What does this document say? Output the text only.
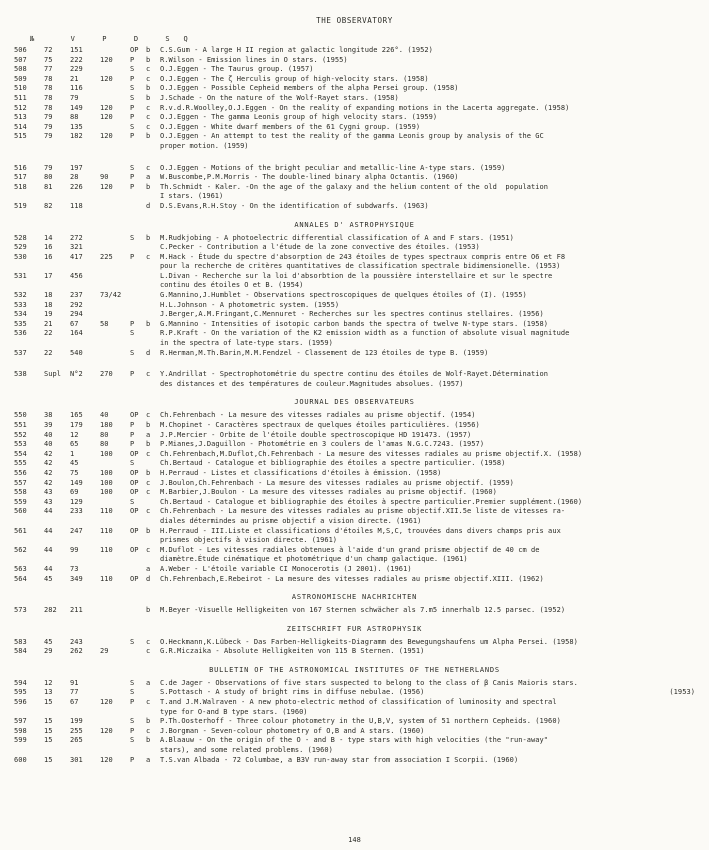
THE OBSERVATORY
№        V      P      D      S   Q
506 72 151	OP b C.S.Gum - A large H II region at galactic longitude 226°. (1952)
507 75 222 120 P b R.Wilson - Emission lines in O stars. (1955)
508 77 229	S c O.J.Eggen - The Taurus group. (1957)
509 78 21	120 P c O.J.Eggen - The ζ Herculis group of high-velocity stars. (1958)
510 78 116	S b O.J.Eggen - Possible Cepheid members of the alpha Persei group. (1958)
511 78 79	S b J.Schade - On the nature of the Wolf-Rayet stars. (1958)
512 78 149 120 P c R.v.d.R.Woolley,O.J.Eggen - On the reality of expanding motions in the Lacerta aggregate. (1958)
513 79 88	120 P c O.J.Eggen - The gamma Leonis group of high velocity stars. (1959)
514 79 135	S c O.J.Eggen - White dwarf members of the 61 Cygni group. (1959)
515 79 182 120 P b O.J.Eggen - An attempt to test the reality of the gamma Leonis group by analysis of the GC
proper motion. (1959)
516 79 197	S c O.J.Eggen - Motions of the bright peculiar and metallic-line A-type stars. (1959)
517 80 28	90	P a W.Buscombe,P.M.Morris - The double-lined binary alpha Octantis. (1960)
518 81 226 120 P b Th.Schmidt - Kaler. -On the age of the galaxy and the helium content of the old  population
I stars. (1961)
519 82 118	d D.S.Evans,R.H.Stoy - On the identification of subdwarfs. (1963)
ANNALES D' ASTROPHYSIQUE
528 14 272	S b M.Rudkjobing - A photoelectric differential classification of A and F stars. (1951)
529 16 321	C.Pecker - Contribution a l'étude de la zone convective des étoiles. (1953)
530 16 417 225 P c M.Hack - Étude du spectre d'absorption de 243 étoiles de types spectraux compris entre O6 et F8
pour la recherche de critères quantitatives de classification spectrale bidimensionelle. (1953)
531 17 456	L.Divan - Recherche sur la loi d'absorbtion de la poussière interstellaire et sur le spectre
continu des étoiles O et B. (1954)
532 18 237 73/42	G.Mannino,J.Humblet - Observations spectroscopiques de quelques étoiles of (I). (1955)
533 18 292	H.L.Johnson - A photometric system. (1955)
534 19 294	J.Berger,A.M.Fringant,C.Mennuret - Recherches sur les spectres continus stellaires. (1956)
535 21 67	58	P b G.Mannino - Intensities of isotopic carbon bands the spectra of twelve N-type stars. (1958)
536 22 164	S	R.P.Kraft - On the variation of the K2 emission width as a function of absolute visual magnitude
in the spectra of late-type stars. (1959)
537 22 540	S d R.Herman,M.Th.Barin,M.M.Fendzel - Classement de 123 étoiles de type B. (1959)
538 Supl N°2 270 P c Y.Andrillat - Spectrophotométrie du spectre continu des étoiles de Wolf-Rayet.Détermination
des distances et des températures de couleur.Magnitudes absolues. (1957)
JOURNAL DES OBSERVATEURS
550 38 165 40	OP c Ch.Fehrenbach - La mesure des vitesses radiales au prisme objectif. (1954)
551 39 179 180 P b M.Chopinet - Caractères spectraux de quelques étoiles particulières. (1956)
552 40 12	80	P a J.P.Mercier - Orbite de l'étoile double spectroscopique HD 191473. (1957)
553 40 65	80	P b P.Mianes,J.Daguillon - Photométrie en 3 coulers de l'amas N.G.C.7243. (1957)
554 42 1	100 OP c Ch.Fehrenbach,M.Duflot,Ch.Fehrenbach - La mesure des vitesses radiales au prisme objectif.X. (1958)
555 42 45	S	Ch.Bertaud - Catalogue et bibliographie des étoiles a spectre particulier. (1958)
556 42 75	100 OP b H.Perraud - Listes et classifications d'étoiles à émission. (1958)
557 42 149 100 OP c J.Boulon,Ch.Fehrenbach - La mesure des vitesses radiales au prisme objectif. (1959)
558 43 69	100 OP c M.Barbier,J.Boulon - La mesure des vitesses radiales au prisme objectif. (1960)
559 43 129	S	Ch.Bertaud - Catalogue et bibliographie des étoiles à spectre particulier.Premier supplément.(1960)
560 44 233 110 OP c Ch.Fehrenbach - La mesure des vitesses radiales au prisme objectif.XII.5e liste de vitesses ra-
diales détermindes au prisme objectif a vision directe. (1961)
561 44 247 110 OP b H.Perraud - III.Liste et classifications d'étoiles M,S,C, trouvées dans divers champs pris aux
prismes objectifs à vision directe. (1961)
562 44 99	110 OP c M.Duflot - Les vitesses radiales obtenues à l'aide d'un grand prisme objectif de 40 cm de
diamètre.Étude cinématique et photométrique d'un champ galactique. (1961)
563 44 73	a A.Weber - L'étoile variable CI Monocerotis (J 2001). (1961)
564 45 349 110 OP d Ch.Fehrenbach,E.Rebeirot - La mesure des vitesses radiales au prisme objectif.XIII. (1962)
ASTRONOMISCHE NACHRICHTEN
573 282 211	b M.Beyer -Visuelle Helligkeiten von 167 Sternen schwächer als 7.m5 innerhalb 12.5 parsec. (1952)
ZEITSCHRIFT FUR ASTROPHYSIK
583 45 243	S c O.Heckmann,K.Lübeck - Das Farben-Helligkeits-Diagramm des Bewegungshaufens um Alpha Persei. (1958)
584 29 262 29	c G.R.Miczaika - Absolute Helligkeiten von 115 B Sternen. (1951)
BULLETIN OF THE ASTRONOMICAL INSTITUTES OF THE NETHERLANDS
594 12 91	S a C.de Jager - Observations of five stars suspected to belong to the class of β Canis Maioris stars.
595 13 77	S	S.Pottasch - A study of bright rims in diffuse nebulae. (1956)	(1953)
596 15 67	120 P c T.and J.M.Walraven - A new photo-electric method of classification of luminosity and spectral
type for O-and B type stars. (1960)
597 15 199	S b P.Th.Oosterhoff - Three colour photometry in the U,B,V, system of 51 northern Cepheids. (1960)
598 15 255 120 P c J.Borgman - Seven-colour photometry of O,B and A stars. (1960)
599 15 265	S b A.Blaauw - On the origin of the O - and B - type stars with high velocities (the "run-away"
stars), and some related problems. (1960)
600 15 301 120 P a T.S.van Albada - 72 Columbae, a B3V run-away star from association I Scorpii. (1960)
148
